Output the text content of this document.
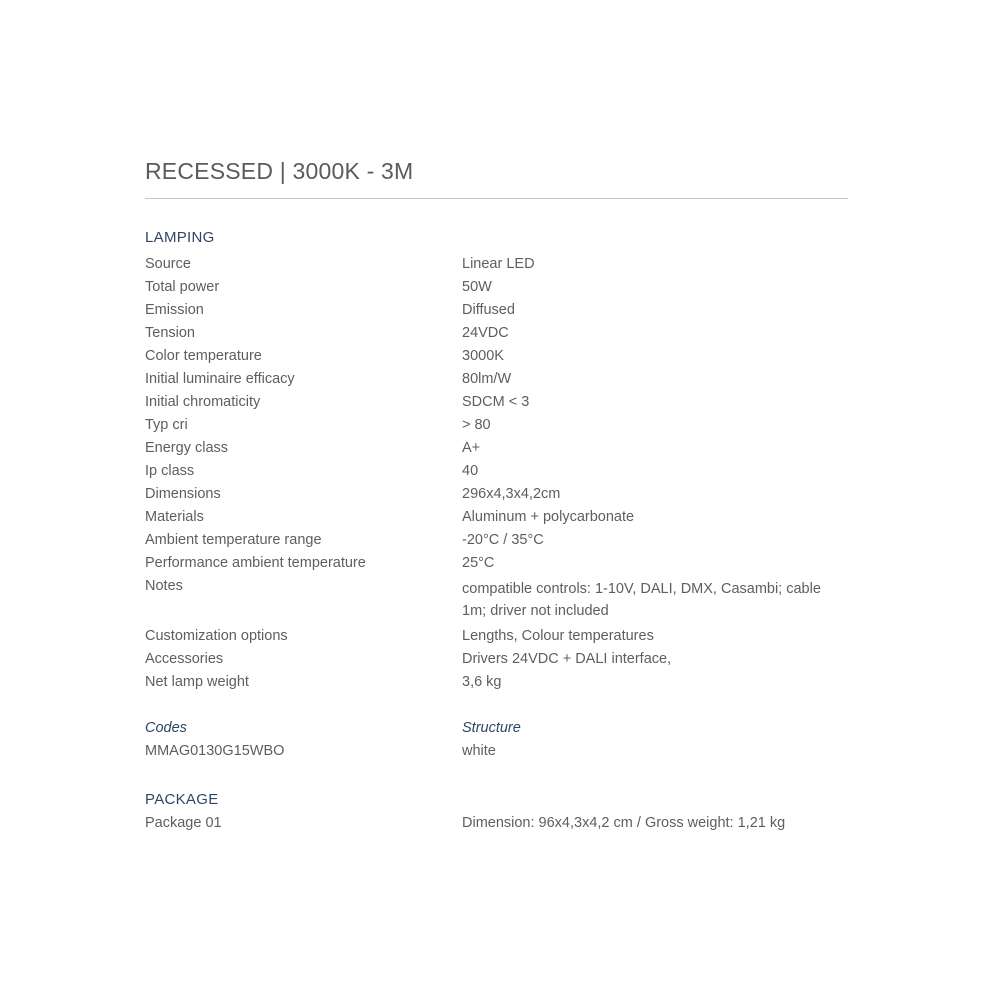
RECESSED | 3000K - 3M
LAMPING
Source	Linear LED
Total power	50W
Emission	Diffused
Tension	24VDC
Color temperature	3000K
Initial luminaire efficacy	80lm/W
Initial chromaticity	SDCM < 3
Typ cri	> 80
Energy class	A+
Ip class	40
Dimensions	296x4,3x4,2cm
Materials	Aluminum + polycarbonate
Ambient temperature range	-20°C / 35°C
Performance ambient temperature	25°C
Notes	compatible controls: 1-10V, DALI, DMX, Casambi; cable 1m; driver not included
Customization options	Lengths, Colour temperatures
Accessories	Drivers 24VDC + DALI interface,
Net lamp weight	3,6 kg
Codes	Structure
MMAG0130G15WBO	white
PACKAGE
Package 01	Dimension: 96x4,3x4,2 cm / Gross weight: 1,21 kg
